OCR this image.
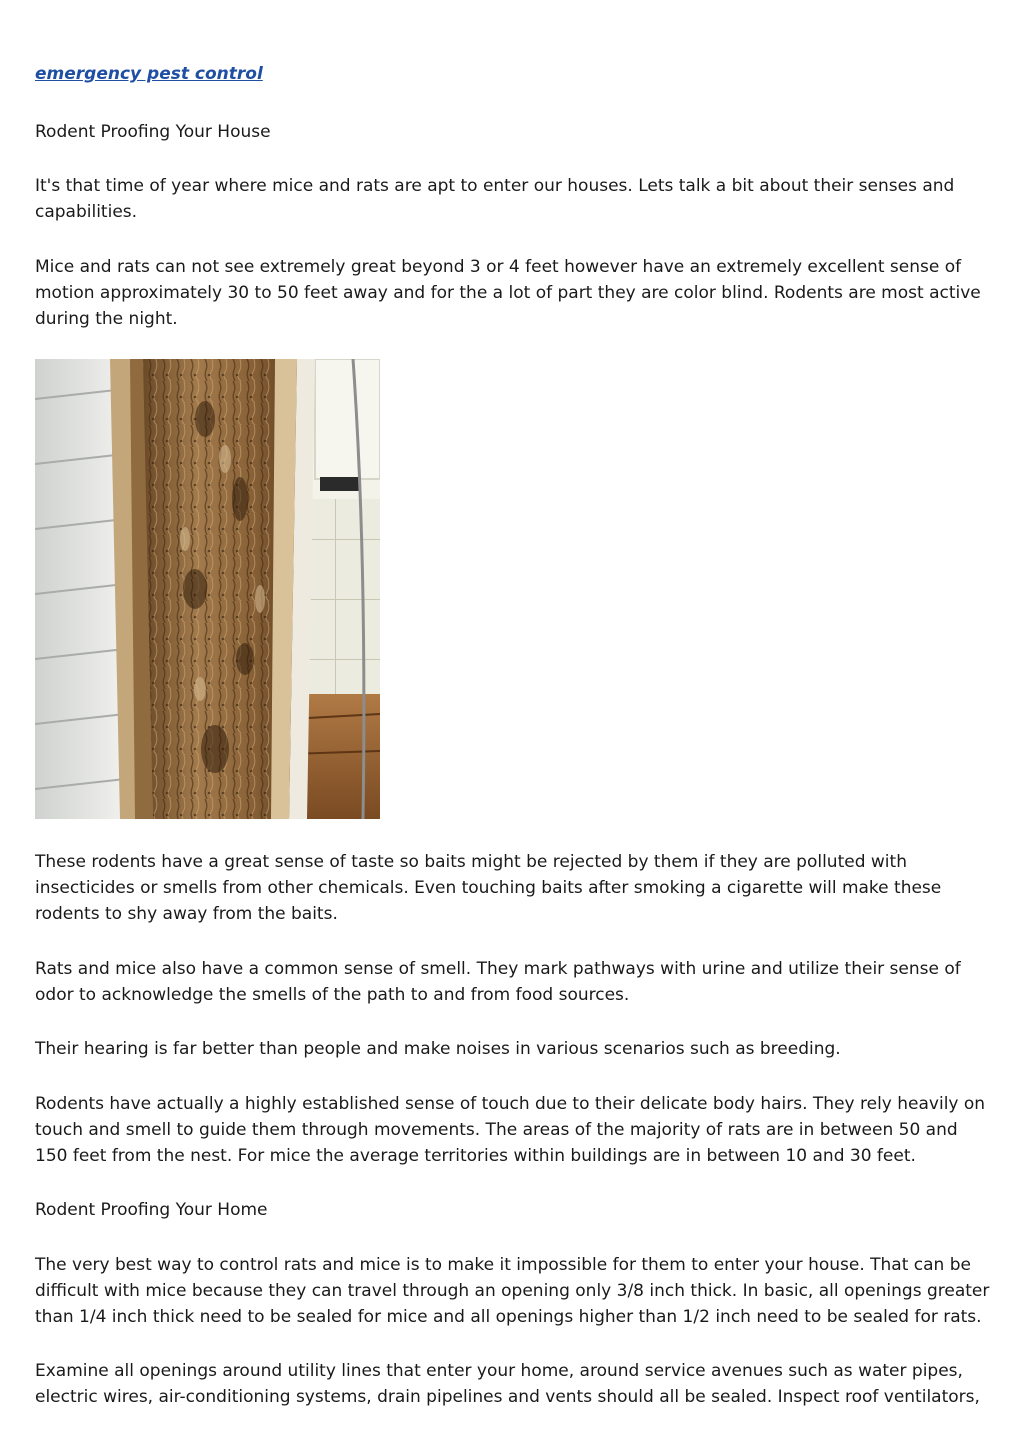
emergency pest control

Rodent Proofing Your House

It's that time of year where mice and rats are apt to enter our houses. Lets talk a bit about their senses and capabilities.

Mice and rats can not see extremely great beyond 3 or 4 feet however have an extremely excellent sense of motion approximately 30 to 50 feet away and for the a lot of part they are color blind. Rodents are most active during the night.

These rodents have a great sense of taste so baits might be rejected by them if they are polluted with insecticides or smells from other chemicals. Even touching baits after smoking a cigarette will make these rodents to shy away from the baits.

Rats and mice also have a common sense of smell. They mark pathways with urine and utilize their sense of odor to acknowledge the smells of the path to and from food sources.

Their hearing is far better than people and make noises in various scenarios such as breeding.

Rodents have actually a highly established sense of touch due to their delicate body hairs. They rely heavily on touch and smell to guide them through movements. The areas of the majority of rats are in between 50 and 150 feet from the nest. For mice the average territories within buildings are in between 10 and 30 feet.

Rodent Proofing Your Home

The very best way to control rats and mice is to make it impossible for them to enter your house. That can be difficult with mice because they can travel through an opening only 3/8 inch thick. In basic, all openings greater than 1/4 inch thick need to be sealed for mice and all openings higher than 1/2 inch need to be sealed for rats.

Examine all openings around utility lines that enter your home, around service avenues such as water pipes, electric wires, air-conditioning systems, drain pipelines and vents should all be sealed. Inspect roof ventilators,
